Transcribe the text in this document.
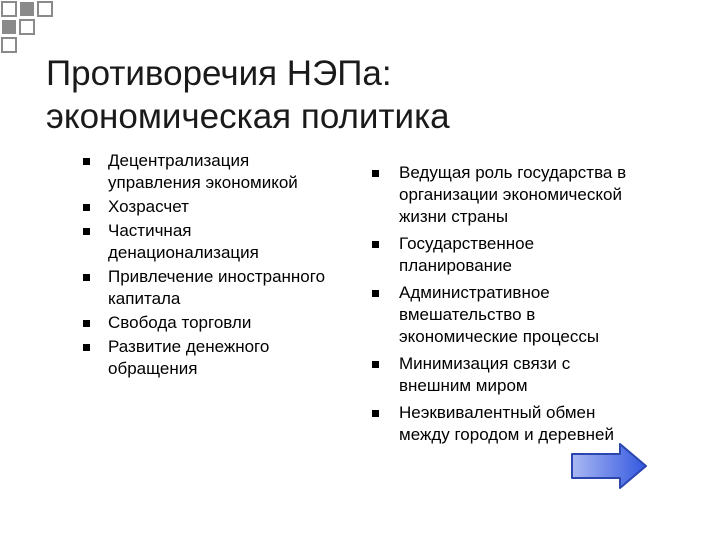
Противоречия НЭПа:
экономическая политика
Децентрализация
управления экономикой
Хозрасчет
Частичная
денационализация
Привлечение иностранного
капитала
Свобода торговли
Развитие денежного
обращения
Ведущая роль государства в
организации экономической
жизни страны
Государственное
планирование
Административное
вмешательство в
экономические процессы
Минимизация связи с
внешним миром
Неэквивалентный обмен
между городом и деревней
